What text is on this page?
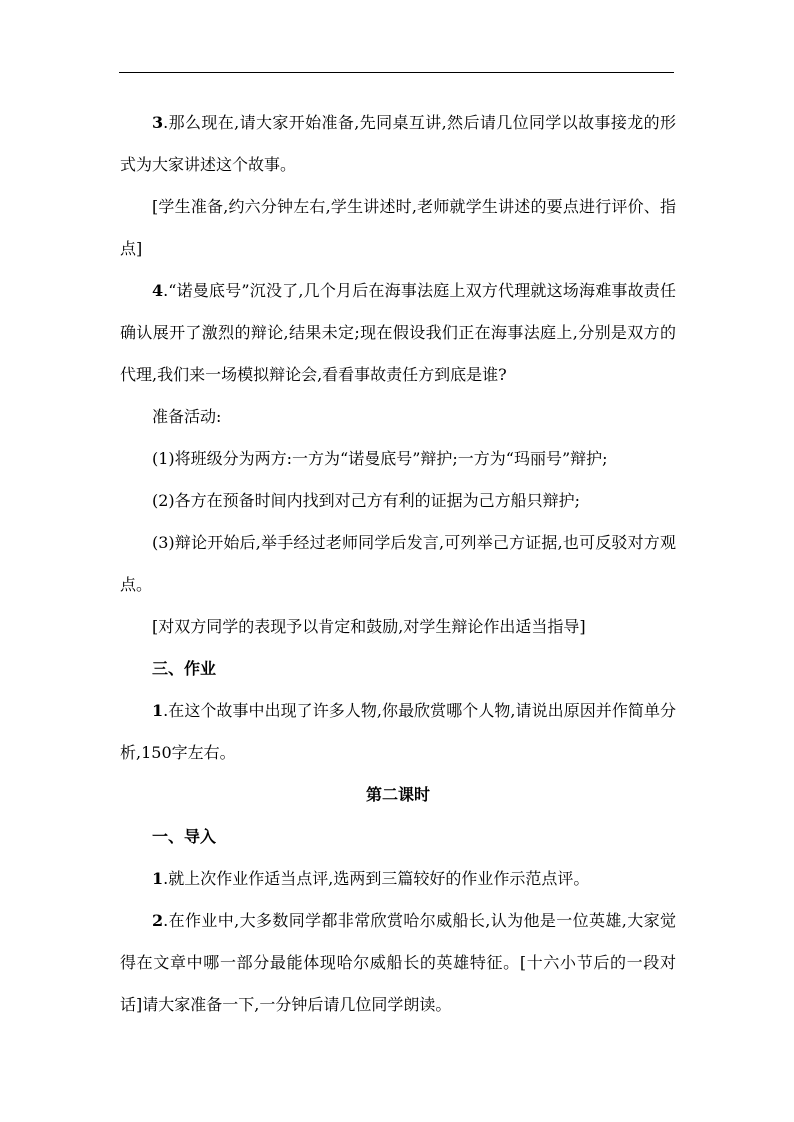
3.那么现在,请大家开始准备,先同桌互讲,然后请几位同学以故事接龙的形式为大家讲述这个故事。

[学生准备,约六分钟左右,学生讲述时,老师就学生讲述的要点进行评价、指点]

4.“诺曼底号”沉没了,几个月后在海事法庭上双方代理就这场海难事故责任确认展开了激烈的辩论,结果未定;现在假设我们正在海事法庭上,分别是双方的代理,我们来一场模拟辩论会,看看事故责任方到底是谁?

准备活动:

(1)将班级分为两方:一方为“诺曼底号”辩护;一方为“玛丽号”辩护;

(2)各方在预备时间内找到对己方有利的证据为己方船只辩护;

(3)辩论开始后,举手经过老师同学后发言,可列举己方证据,也可反驳对方观点。

[对双方同学的表现予以肯定和鼓励,对学生辩论作出适当指导]

三、作业

1.在这个故事中出现了许多人物,你最欣赏哪个人物,请说出原因并作简单分析,150字左右。

第二课时

一、导入

1.就上次作业作适当点评,选两到三篇较好的作业作示范点评。

2.在作业中,大多数同学都非常欣赏哈尔威船长,认为他是一位英雄,大家觉得在文章中哪一部分最能体现哈尔威船长的英雄特征。[十六小节后的一段对话]请大家准备一下,一分钟后请几位同学朗读。
